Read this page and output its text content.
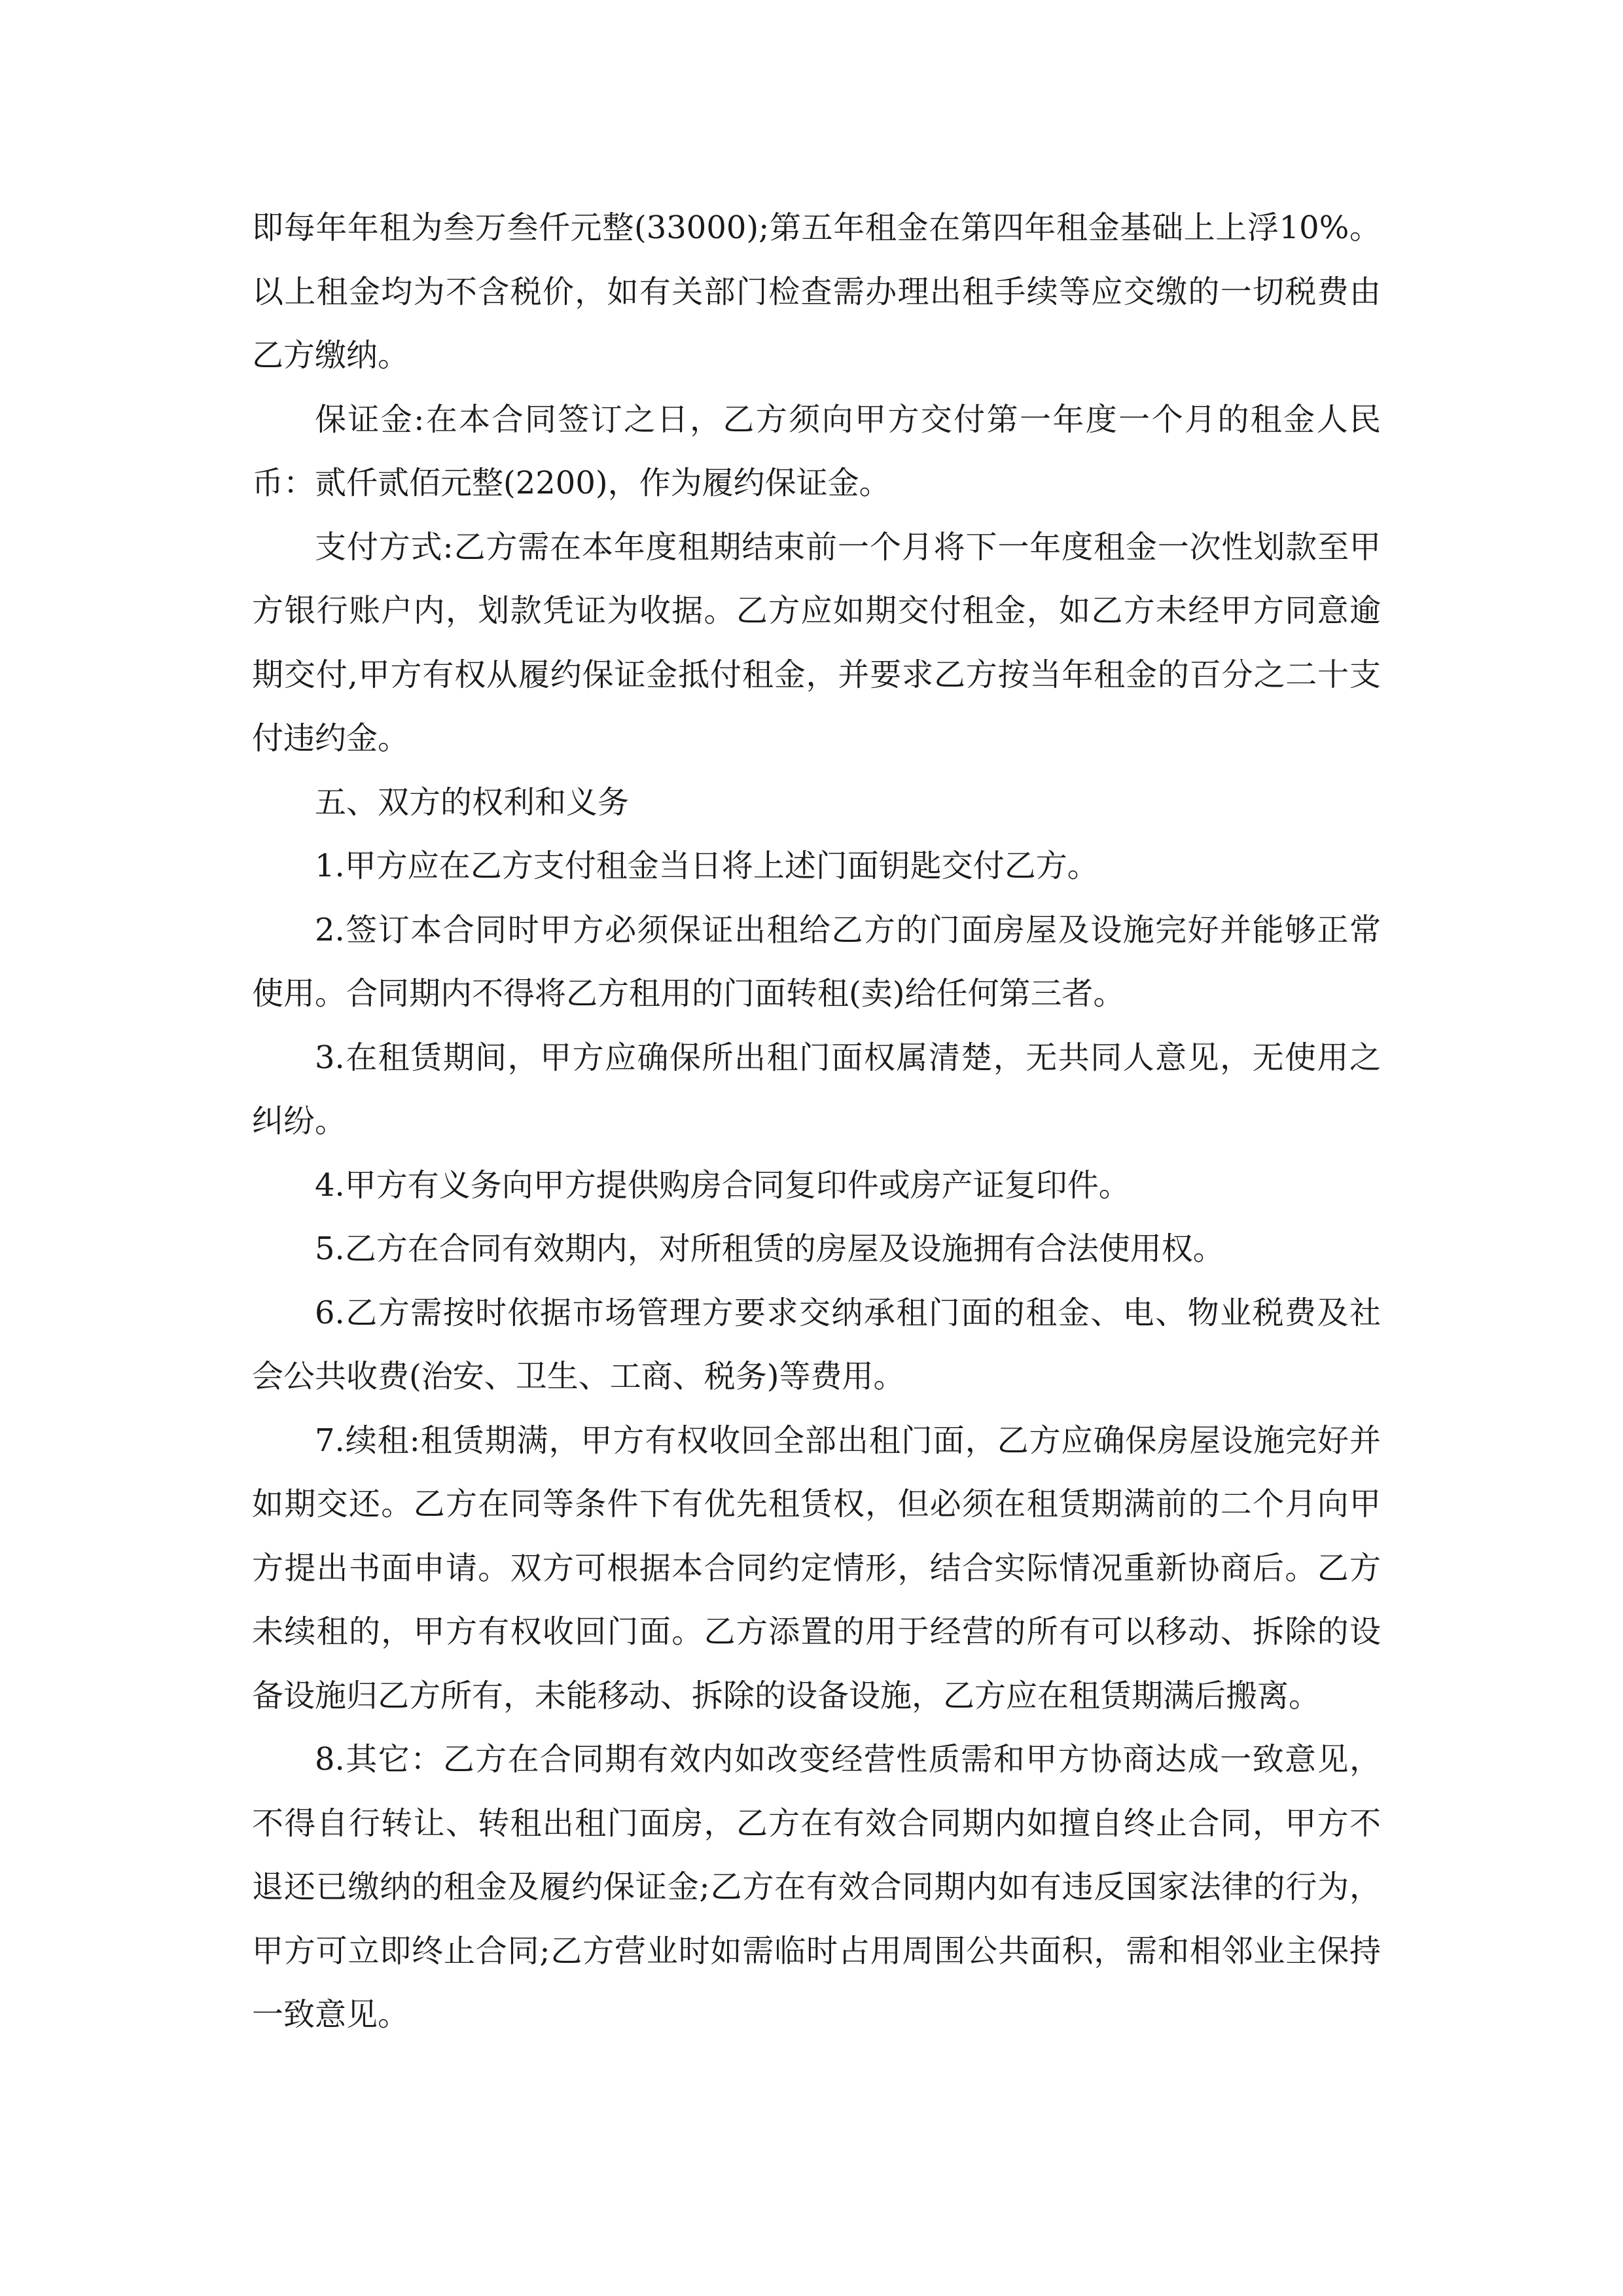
即每年年租为叁万叁仟元整(33000);第五年租金在第四年租金基础上上浮10%。以上租金均为不含税价，如有关部门检查需办理出租手续等应交缴的一切税费由乙方缴纳。

保证金:在本合同签订之日，乙方须向甲方交付第一年度一个月的租金人民币：贰仟贰佰元整(2200)，作为履约保证金。

支付方式:乙方需在本年度租期结束前一个月将下一年度租金一次性划款至甲方银行账户内，划款凭证为收据。乙方应如期交付租金，如乙方未经甲方同意逾期交付,甲方有权从履约保证金抵付租金，并要求乙方按当年租金的百分之二十支付违约金。

五、双方的权利和义务

1.甲方应在乙方支付租金当日将上述门面钥匙交付乙方。

2.签订本合同时甲方必须保证出租给乙方的门面房屋及设施完好并能够正常使用。合同期内不得将乙方租用的门面转租(卖)给任何第三者。

3.在租赁期间，甲方应确保所出租门面权属清楚，无共同人意见，无使用之纠纷。

4.甲方有义务向甲方提供购房合同复印件或房产证复印件。

5.乙方在合同有效期内，对所租赁的房屋及设施拥有合法使用权。

6.乙方需按时依据市场管理方要求交纳承租门面的租金、电、物业税费及社会公共收费(治安、卫生、工商、税务)等费用。

7.续租:租赁期满，甲方有权收回全部出租门面，乙方应确保房屋设施完好并如期交还。乙方在同等条件下有优先租赁权，但必须在租赁期满前的二个月向甲方提出书面申请。双方可根据本合同约定情形，结合实际情况重新协商后。乙方未续租的，甲方有权收回门面。乙方添置的用于经营的所有可以移动、拆除的设备设施归乙方所有，未能移动、拆除的设备设施，乙方应在租赁期满后搬离。

8.其它：乙方在合同期有效内如改变经营性质需和甲方协商达成一致意见，不得自行转让、转租出租门面房，乙方在有效合同期内如擅自终止合同，甲方不退还已缴纳的租金及履约保证金;乙方在有效合同期内如有违反国家法律的行为，甲方可立即终止合同;乙方营业时如需临时占用周围公共面积，需和相邻业主保持一致意见。
